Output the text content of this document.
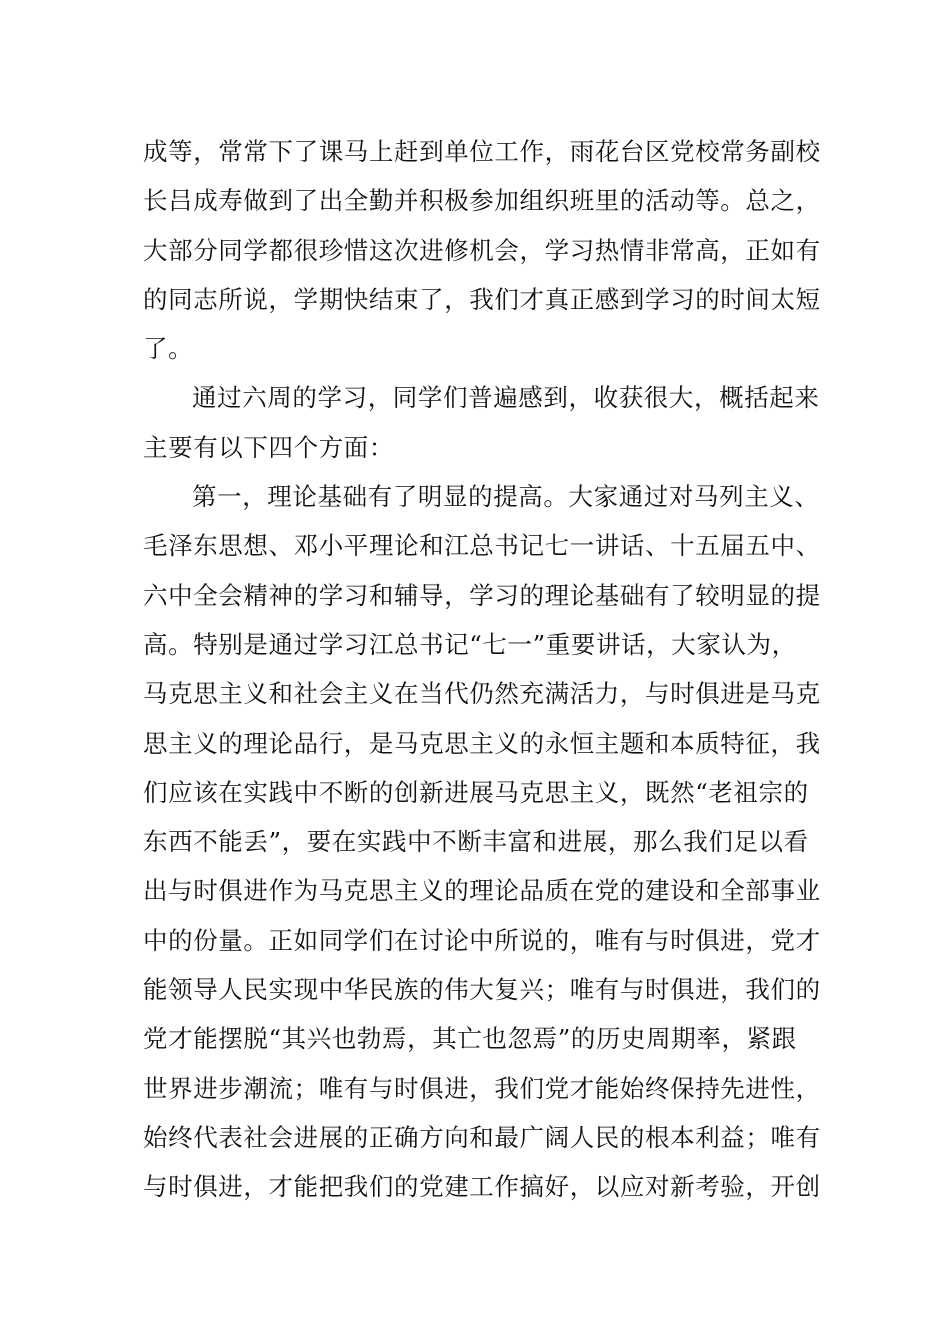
成等，常常下了课马上赶到单位工作，雨花台区党校常务副校
长吕成寿做到了出全勤并积极参加组织班里的活动等。总之，
大部分同学都很珍惜这次进修机会，学习热情非常高，正如有
的同志所说，学期快结束了，我们才真正感到学习的时间太短
了。
通过六周的学习，同学们普遍感到，收获很大，概括起来
主要有以下四个方面：
第一，理论基础有了明显的提高。大家通过对马列主义、
毛泽东思想、邓小平理论和江总书记七一讲话、十五届五中、
六中全会精神的学习和辅导，学习的理论基础有了较明显的提
高。特别是通过学习江总书记“七一”重要讲话，大家认为，
马克思主义和社会主义在当代仍然充满活力，与时俱进是马克
思主义的理论品行，是马克思主义的永恒主题和本质特征，我
们应该在实践中不断的创新进展马克思主义，既然“老祖宗的
东西不能丢”，要在实践中不断丰富和进展，那么我们足以看
出与时俱进作为马克思主义的理论品质在党的建设和全部事业
中的份量。正如同学们在讨论中所说的，唯有与时俱进，党才
能领导人民实现中华民族的伟大复兴；唯有与时俱进，我们的
党才能摆脱“其兴也勃焉，其亡也忽焉”的历史周期率，紧跟
世界进步潮流；唯有与时俱进，我们党才能始终保持先进性，
始终代表社会进展的正确方向和最广阔人民的根本利益；唯有
与时俱进，才能把我们的党建工作搞好，以应对新考验，开创
